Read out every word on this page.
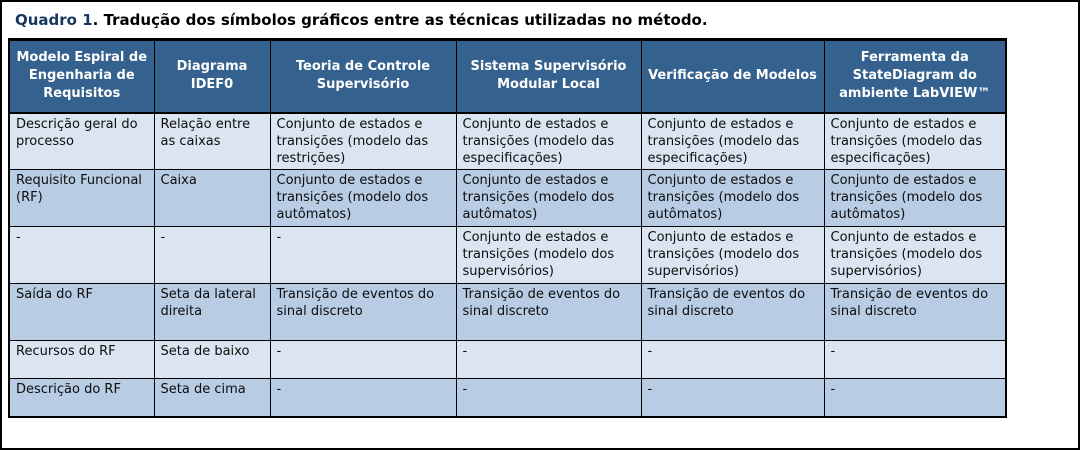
Quadro 1. Tradução dos símbolos gráficos entre as técnicas utilizadas no método.

Modelo Espiral de Engenharia de Requisitos	Diagrama IDEF0	Teoria de Controle Supervisório	Sistema Supervisório Modular Local	Verificação de Modelos	Ferramenta da StateDiagram do ambiente LabVIEW™
Descrição geral do processo	Relação entre as caixas	Conjunto de estados e transições (modelo das restrições)	Conjunto de estados e transições (modelo das especificações)	Conjunto de estados e transições (modelo das especificações)	Conjunto de estados e transições (modelo das especificações)
Requisito Funcional (RF)	Caixa	Conjunto de estados e transições (modelo dos autômatos)	Conjunto de estados e transições (modelo dos autômatos)	Conjunto de estados e transições (modelo dos autômatos)	Conjunto de estados e transições (modelo dos autômatos)
-	-	-	Conjunto de estados e transições (modelo dos supervisórios)	Conjunto de estados e transições (modelo dos supervisórios)	Conjunto de estados e transições (modelo dos supervisórios)
Saída do RF	Seta da lateral direita	Transição de eventos do sinal discreto	Transição de eventos do sinal discreto	Transição de eventos do sinal discreto	Transição de eventos do sinal discreto
Recursos do RF	Seta de baixo	-	-	-	-
Descrição do RF	Seta de cima	-	-	-	-
